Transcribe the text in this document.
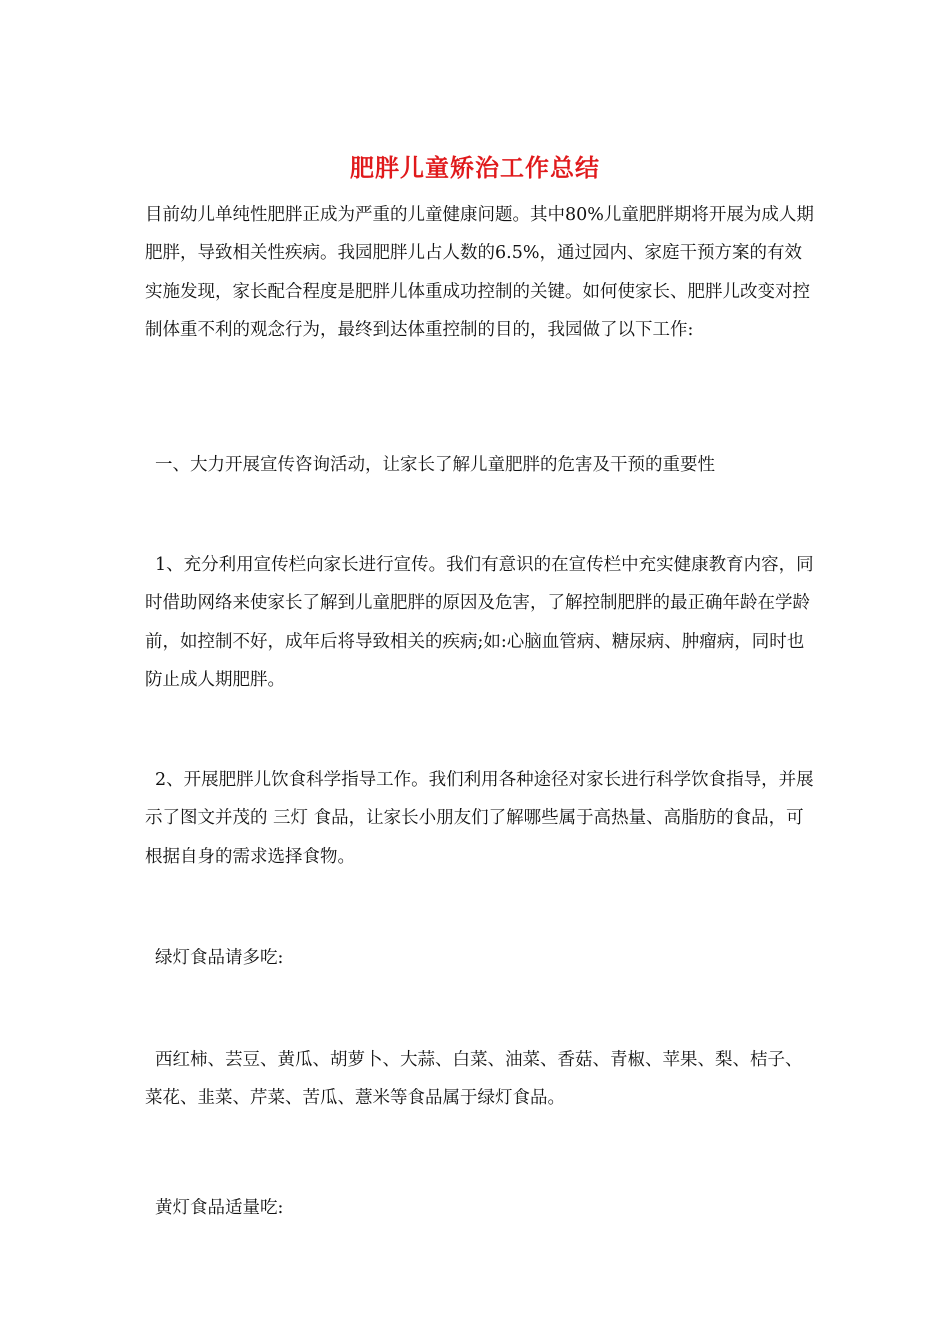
肥胖儿童矫治工作总结

目前幼儿单纯性肥胖正成为严重的儿童健康问题。其中80%儿童肥胖期将开展为成人期肥胖，导致相关性疾病。我园肥胖儿占人数的6.5%，通过园内、家庭干预方案的有效实施发现，家长配合程度是肥胖儿体重成功控制的关键。如何使家长、肥胖儿改变对控制体重不利的观念行为，最终到达体重控制的目的，我园做了以下工作:

一、大力开展宣传咨询活动，让家长了解儿童肥胖的危害及干预的重要性

1、充分利用宣传栏向家长进行宣传。我们有意识的在宣传栏中充实健康教育内容，同时借助网络来使家长了解到儿童肥胖的原因及危害，了解控制肥胖的最正确年龄在学龄前，如控制不好，成年后将导致相关的疾病;如:心脑血管病、糖尿病、肿瘤病，同时也防止成人期肥胖。

2、开展肥胖儿饮食科学指导工作。我们利用各种途径对家长进行科学饮食指导，并展示了图文并茂的 三灯 食品，让家长小朋友们了解哪些属于高热量、高脂肪的食品，可根据自身的需求选择食物。

绿灯食品请多吃:

西红柿、芸豆、黄瓜、胡萝卜、大蒜、白菜、油菜、香菇、青椒、苹果、梨、桔子、菜花、韭菜、芹菜、苦瓜、薏米等食品属于绿灯食品。

黄灯食品适量吃:
